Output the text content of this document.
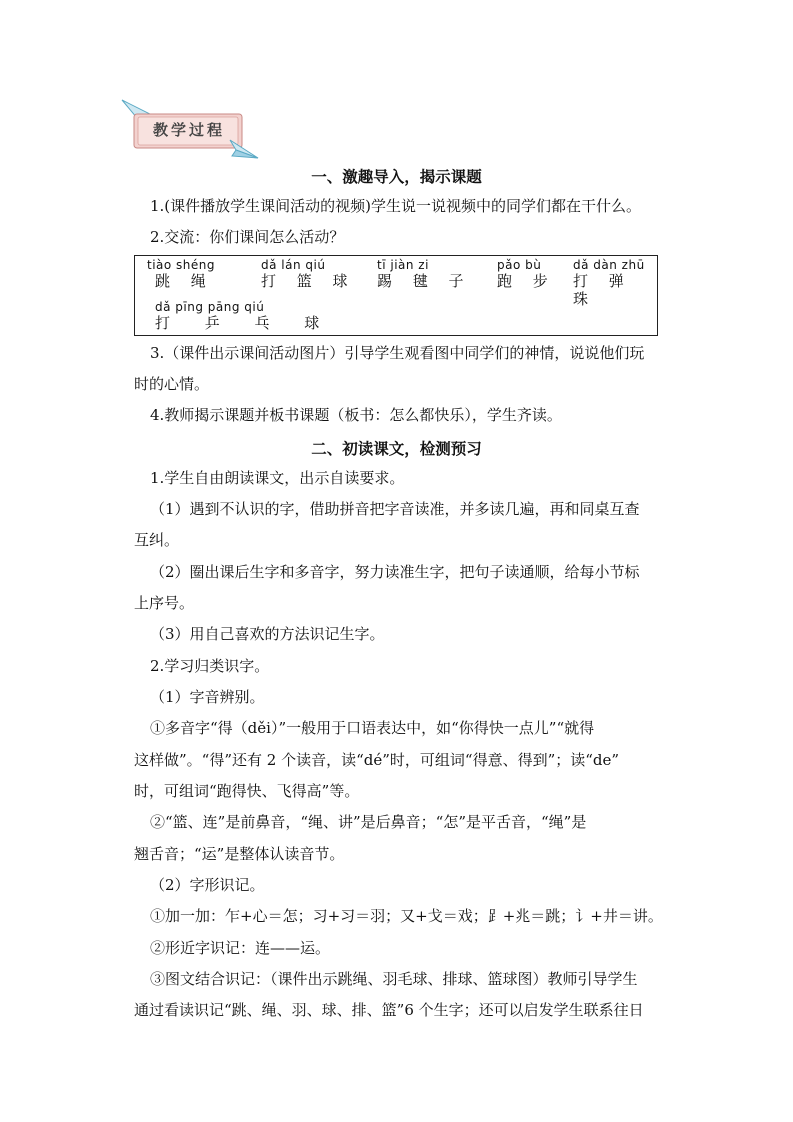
教学过程
一、激趣导入，揭示课题
1.(课件播放学生课间活动的视频)学生说一说视频中的同学们都在干什么。
2.交流：你们课间怎么活动？
tiào shéng
跳 绳
dǎ lán qiú
打 篮 球
tī jiàn zi
踢 毽 子
pǎo bù
跑 步
dǎ dàn zhū
打 弹 珠
dǎ pīng pāng qiú
打 乒 乓 球
3.（课件出示课间活动图片）引导学生观看图中同学们的神情，说说他们玩
时的心情。
4.教师揭示课题并板书课题（板书：怎么都快乐），学生齐读。
二、初读课文，检测预习
1.学生自由朗读课文，出示自读要求。
（1）遇到不认识的字，借助拼音把字音读准，并多读几遍，再和同桌互查
互纠。
（2）圈出课后生字和多音字，努力读准生字，把句子读通顺，给每小节标
上序号。
（3）用自己喜欢的方法识记生字。
2.学习归类识字。
（1）字音辨别。
①多音字“得（děi）”一般用于口语表达中，如“你得快一点儿”“就得
这样做”。“得”还有 2 个读音，读“dé”时，可组词“得意、得到”；读“de”
时，可组词“跑得快、飞得高”等。
②“篮、连”是前鼻音，“绳、讲”是后鼻音；“怎”是平舌音，“绳”是
翘舌音；“运”是整体认读音节。
（2）字形识记。
①加一加：乍+心＝怎；习+习＝羽；又+戈＝戏；⻊+兆＝跳；讠+井＝讲。
②形近字识记：连——运。
③图文结合识记：（课件出示跳绳、羽毛球、排球、篮球图）教师引导学生
通过看读识记“跳、绳、羽、球、排、篮”6 个生字；还可以启发学生联系往日
